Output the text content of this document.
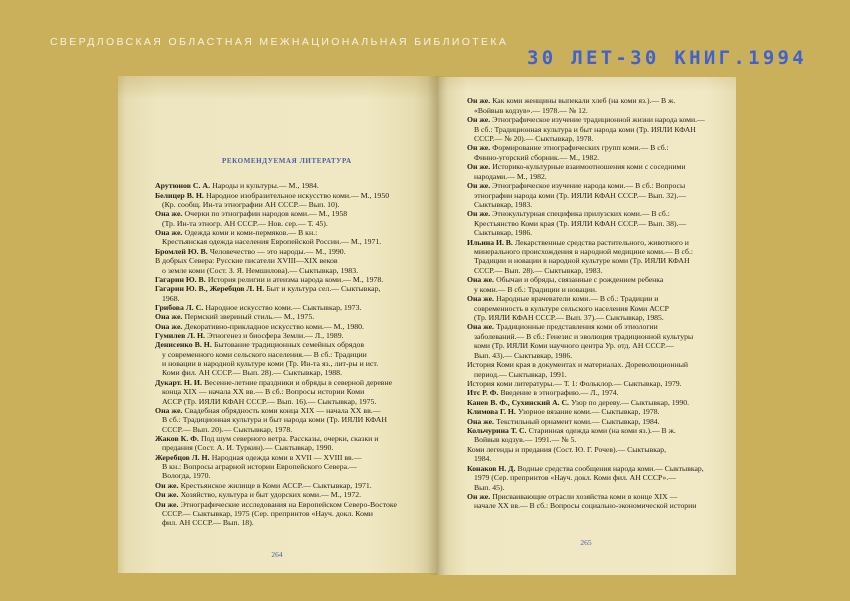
СВЕРДЛОВСКАЯ ОБЛАСТНАЯ МЕЖНАЦИОНАЛЬНАЯ БИБЛИОТЕКА
30 ЛЕТ-30 КНИГ.1994
РЕКОМЕНДУЕМАЯ ЛИТЕРАТУРА
Арутюнов С. А. Народы и культуры.— М., 1984.
Белицер В. Н. Народное изобразительное искусство коми.— М., 1950
(Кр. сообщ. Ин-та этнографии АН СССР.— Вып. 10).
Она же. Очерки по этнографии народов коми.— М., 1958
(Тр. Ин-та этногр. АН СССР.— Нов. сер.— Т. 45).
Она же. Одежда коми и коми-пермяков.— В кн.:
Крестьянская одежда населения Европейской России.— М., 1971.
Бромлей Ю. В. Человечество — это народы.— М., 1990.
В добрых Севера: Русские писатели XVIII—XIX веков
о земле коми (Сост. З. Я. Немшилова).— Сыктывкар, 1983.
Гагарин Ю. В. История религии и атеизма народа коми.— М., 1978.
Гагарин Ю. В., Жеребцов Л. Н. Быт и культура сел.— Сыктывкар,
1968.
Грибова Л. С. Народное искусство коми.— Сыктывкар, 1973.
Она же. Пермский звериный стиль.— М., 1975.
Она же. Декоративно-прикладное искусство коми.— М., 1980.
Гумилев Л. Н. Этногенез и биосфера Земли.— Л., 1989.
Денисенко В. Н. Бытование традиционных семейных обрядов
у современного коми сельского населения.— В сб.: Традиции
и новации в народной культуре коми (Тр. Ин-та яз., лит-ры и ист.
Коми фил. АН СССР.— Вып. 28).— Сыктывкар, 1988.
Дукарт. Н. И. Весенне-летние праздники и обряды в северной деревне
конца XIX — начала XX вв.— В сб.: Вопросы истории Коми
АССР (Тр. ИЯЛИ КФАН СССР.— Вып. 16).— Сыктывкар, 1975.
Она же. Свадебная обрядность коми конца XIX — начала XX вв.—
В сб.: Традиционная культура и быт народа коми (Тр. ИЯЛИ КФАН
СССР.— Вып. 20).— Сыктывкар, 1978.
Жаков К. Ф. Под шум северного ветра. Рассказы, очерки, сказки и
предания (Сост. А. И. Туркин).— Сыктывкар, 1990.
Жеребцов Л. Н. Народная одежда коми в XVII — XVIII вв.—
В кн.: Вопросы аграрной истории Европейского Севера.—
Вологда, 1970.
Он же. Крестьянское жилище в Коми АССР.— Сыктывкар, 1971.
Он же. Хозяйство, культура и быт удорских коми.— М., 1972.
Он же. Этнографические исследования на Европейском Северо-Востоке
СССР.— Сыктывкар, 1975 (Сер. препринтов «Науч. докл. Коми
фил. АН СССР.— Вып. 18).
264
Он же. Как коми женщины выпекали хлеб (на коми яз.).— В ж.
«Войвыв кодзув».— 1978.— № 12.
Он же. Этнографическое изучение традиционной жизни народа коми.—
В сб.: Традиционная культура и быт народа коми (Тр. ИЯЛИ КФАН
СССР.— № 20).— Сыктывкар, 1978.
Он же. Формирование этнографических групп коми.— В сб.:
Финно-угорский сборник.— М., 1982.
Он же. Историко-культурные взаимоотношения коми с соседними
народами.— М., 1982.
Он же. Этнографическое изучение народа коми.— В сб.: Вопросы
этнографии народа коми (Тр. ИЯЛИ КФАН СССР.— Вып. 32).—
Сыктывкар, 1983.
Он же. Этнокультурная специфика прилузских коми.— В сб.:
Крестьянство Коми края (Тр. ИЯЛИ КФАН СССР.— Вып. 38).—
Сыктывкар, 1986.
Ильина И. В. Лекарственные средства растительного, животного и
минерального происхождения в народной медицине коми.— В сб.:
Традиции и новации в народной культуре коми (Тр. ИЯЛИ КФАН
СССР.— Вып. 28).— Сыктывкар, 1983.
Она же. Обычаи и обряды, связанные с рождением ребенка
у коми.— В сб.: Традиции и новации.
Она же. Народные врачеватели коми.— В сб.: Традиции и
современность в культуре сельского населения Коми АССР
(Тр. ИЯЛИ КФАН СССР.— Вып. 37).— Сыктывкар, 1985.
Она же. Традиционные представления коми об этиологии
заболеваний.— В сб.: Генезис и эволюция традиционной культуры
коми (Тр. ИЯЛИ Коми научного центра Ур. отд. АН СССР.—
Вып. 43).— Сыктывкар, 1986.
История Коми края в документах и материалах. Дореволюционный
период.— Сыктывкар, 1991.
История коми литературы.— Т. 1: Фольклор.— Сыктывкар, 1979.
Итс Р. Ф. Введение в этнографию.— Л., 1974.
Канев В. Ф., Сухинский А. С. Узор по дереву.— Сыктывкар, 1990.
Климова Г. Н. Узорное вязание коми.— Сыктывкар, 1978.
Она же. Текстильный орнамент коми.— Сыктывкар, 1984.
Кольчурина Т. С. Старинная одежда коми (на коми яз.).— В ж.
Войвыв кодзув.— 1991.— № 5.
Коми легенды и предания (Сост. Ю. Г. Рочев).— Сыктывкар,
1984.
Конаков Н. Д. Водные средства сообщения народа коми.— Сыктывкар,
1979 (Сер. препринтов «Науч. докл. Коми фил. АН СССР».—
Вып. 45).
Он же. Присваивающие отрасли хозяйства коми в конце XIX —
начале XX вв.— В сб.: Вопросы социально-экономической истории
265
